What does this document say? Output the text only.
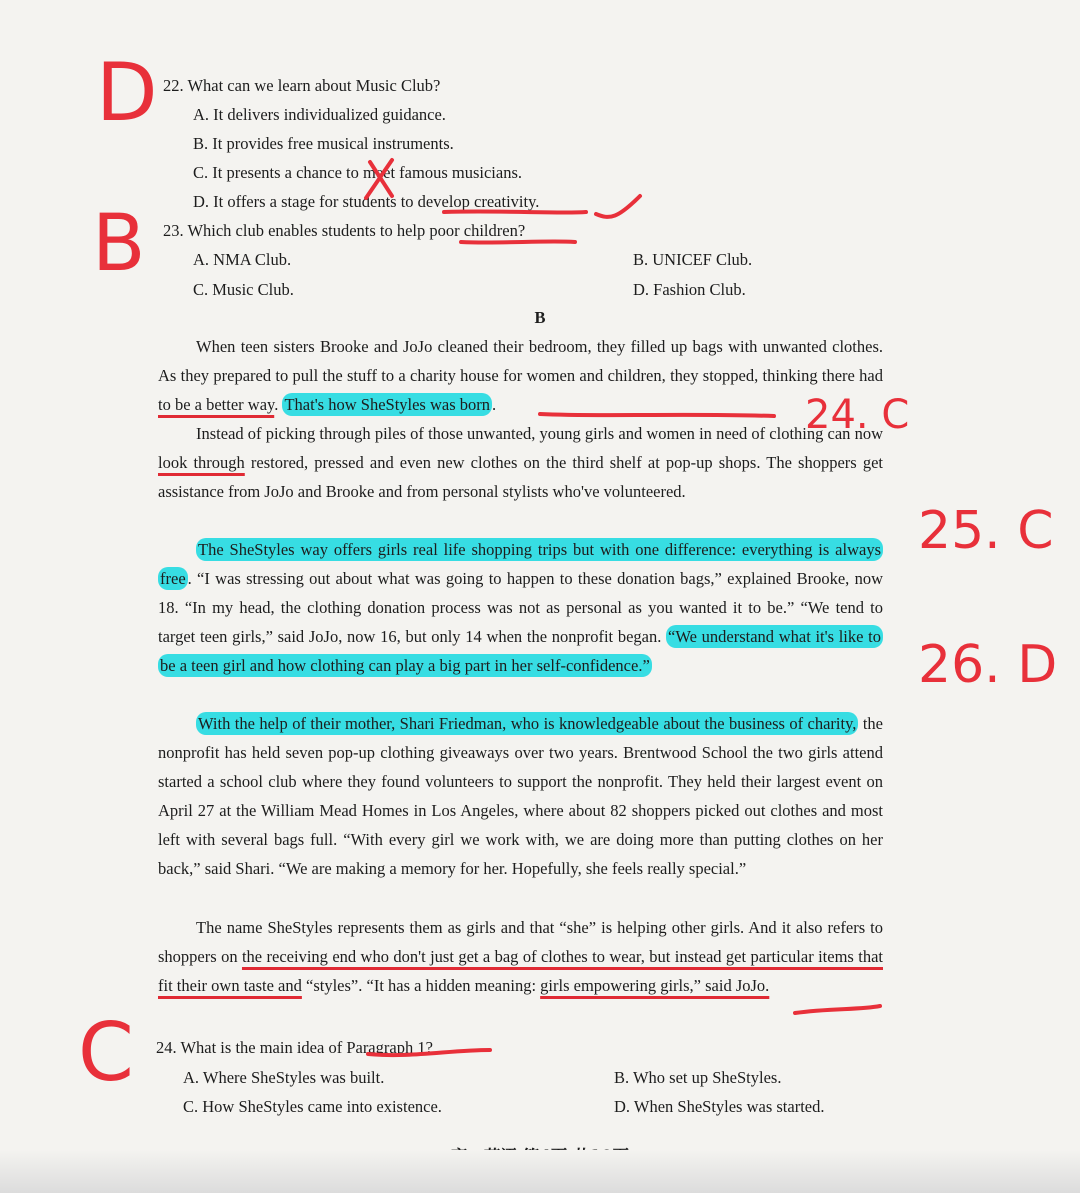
22. What can we learn about Music Club?
A. It delivers individualized guidance.
B. It provides free musical instruments.
C. It presents a chance to meet famous musicians.
D. It offers a stage for students to develop creativity.
23. Which club enables students to help poor children?
A. NMA Club.	B. UNICEF Club.
C. Music Club.	D. Fashion Club.
B
When teen sisters Brooke and JoJo cleaned their bedroom, they filled up bags with unwanted clothes. As they prepared to pull the stuff to a charity house for women and children, they stopped, thinking there had to be a better way. That's how SheStyles was born .
Instead of picking through piles of those unwanted, young girls and women in need of clothing can now look through restored, pressed and even new clothes on the third shelf at pop-up shops. The shoppers get assistance from JoJo and Brooke and from personal stylists who've volunteered.
The SheStyles way offers girls real life shopping trips but with one difference: everything is always free . “I was stressing out about what was going to happen to these donation bags,” explained Brooke, now 18. “In my head, the clothing donation process was not as personal as you wanted it to be.” “We tend to target teen girls,” said JoJo, now 16, but only 14 when the nonprofit began. “We understand what it's like to be a teen girl and how clothing can play a big part in her self-confidence.”
With the help of their mother, Shari Friedman, who is knowledgeable about the business of charity, the nonprofit has held seven pop-up clothing giveaways over two years. Brentwood School the two girls attend started a school club where they found volunteers to support the nonprofit. They held their largest event on April 27 at the William Mead Homes in Los Angeles, where about 82 shoppers picked out clothes and most left with several bags full. “With every girl we work with, we are doing more than putting clothes on her back,” said Shari. “We are making a memory for her. Hopefully, she feels really special.”
The name SheStyles represents them as girls and that “she” is helping other girls. And it also refers to shoppers on the receiving end who don't just get a bag of clothes to wear, but instead get particular items that fit their own taste and “styles”. “It has a hidden meaning: girls empowering girls,” said JoJo.
24. What is the main idea of Paragraph 1?
A. Where SheStyles was built.	B. Who set up SheStyles.
C. How SheStyles came into existence.	D. When SheStyles was started.
D
B
24. C
25. C
26. D
C
